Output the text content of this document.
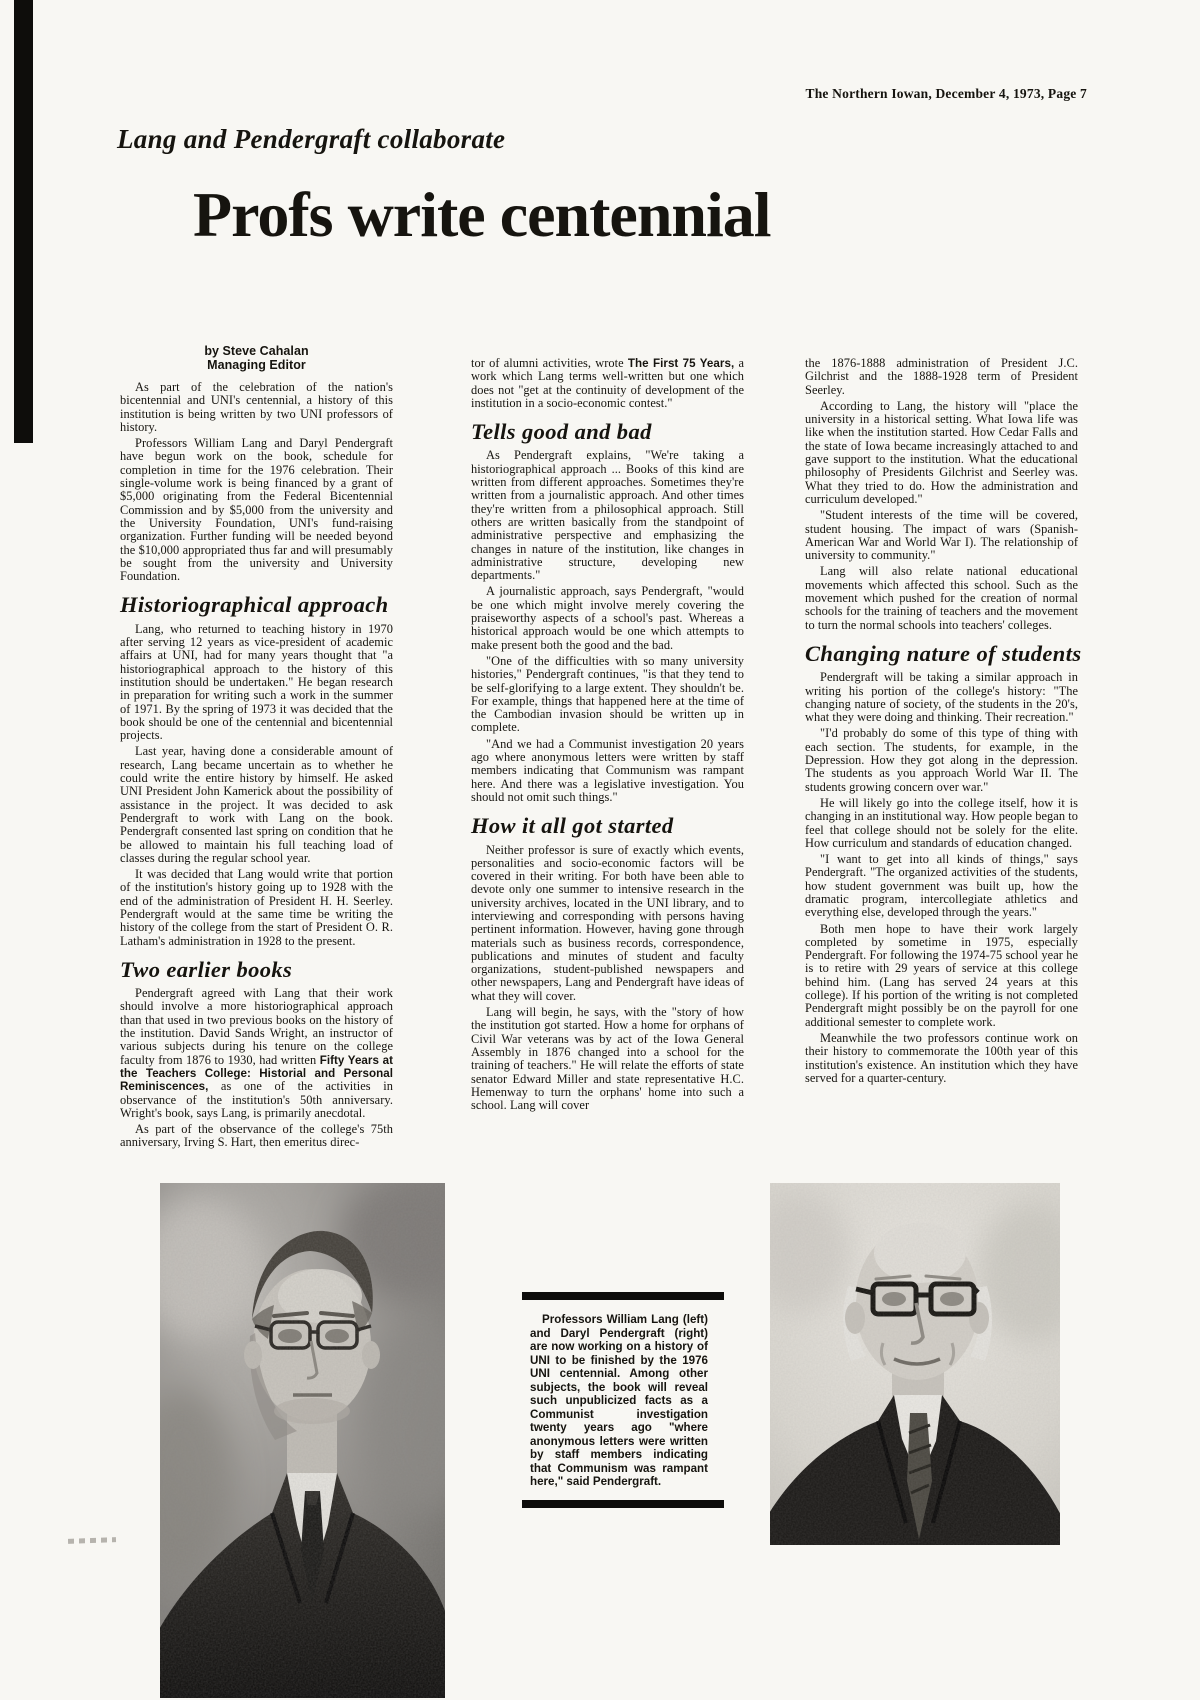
The Northern Iowan, December 4, 1973, Page 7
Lang and Pendergraft collaborate
Profs write centennial
by Steve Cahalan
Managing Editor

As part of the celebration of the nation's bicentennial and UNI's centennial, a history of this institution is being written by two UNI professors of history.

Professors William Lang and Daryl Pendergraft have begun work on the book, schedule for completion in time for the 1976 celebration. Their single-volume work is being financed by a grant of $5,000 originating from the Federal Bicentennial Commission and by $5,000 from the university and the University Foundation, UNI's fund-raising organization. Further funding will be needed beyond the $10,000 appropriated thus far and will presumably be sought from the university and University Foundation.

Historiographical approach

Lang, who returned to teaching history in 1970 after serving 12 years as vice-president of academic affairs at UNI, had for many years thought that "a historiographical approach to the history of this institution should be undertaken." He began research in preparation for writing such a work in the summer of 1971. By the spring of 1973 it was decided that the book should be one of the centennial and bicentennial projects.

Last year, having done a considerable amount of research, Lang became uncertain as to whether he could write the entire history by himself. He asked UNI President John Kamerick about the possibility of assistance in the project. It was decided to ask Pendergraft to work with Lang on the book. Pendergraft consented last spring on condition that he be allowed to maintain his full teaching load of classes during the regular school year.

It was decided that Lang would write that portion of the institution's history going up to 1928 with the end of the administration of President H. H. Seerley. Pendergraft would at the same time be writing the history of the college from the start of President O. R. Latham's administration in 1928 to the present.

Two earlier books

Pendergraft agreed with Lang that their work should involve a more historiographical approach than that used in two previous books on the history of the institution. David Sands Wright, an instructor of various subjects during his tenure on the college faculty from 1876 to 1930, had written Fifty Years at the Teachers College: Historial and Personal Reminiscences, as one of the activities in observance of the institution's 50th anniversary. Wright's book, says Lang, is primarily anecdotal.

As part of the observance of the college's 75th anniversary, Irving S. Hart, then emeritus direc-

tor of alumni activities, wrote The First 75 Years, a work which Lang terms well-written but one which does not "get at the continuity of development of the institution in a socio-economic contest."

Tells good and bad

As Pendergraft explains, "We're taking a historiographical approach ... Books of this kind are written from different approaches. Sometimes they're written from a journalistic approach. And other times they're written from a philosophical approach. Still others are written basically from the standpoint of administrative perspective and emphasizing the changes in nature of the institution, like changes in administrative structure, developing new departments."

A journalistic approach, says Pendergraft, "would be one which might involve merely covering the praiseworthy aspects of a school's past. Whereas a historical approach would be one which attempts to make present both the good and the bad.

"One of the difficulties with so many university histories," Pendergraft continues, "is that they tend to be self-glorifying to a large extent. They shouldn't be. For example, things that happened here at the time of the Cambodian invasion should be written up in complete.

"And we had a Communist investigation 20 years ago where anonymous letters were written by staff members indicating that Communism was rampant here. And there was a legislative investigation. You should not omit such things."

How it all got started

Neither professor is sure of exactly which events, personalities and socio-economic factors will be covered in their writing. For both have been able to devote only one summer to intensive research in the university archives, located in the UNI library, and to interviewing and corresponding with persons having pertinent information. However, having gone through materials such as business records, correspondence, publications and minutes of student and faculty organizations, student-published newspapers and other newspapers, Lang and Pendergraft have ideas of what they will cover.

Lang will begin, he says, with the "story of how the institution got started. How a home for orphans of Civil War veterans was by act of the Iowa General Assembly in 1876 changed into a school for the training of teachers." He will relate the efforts of state senator Edward Miller and state representative H.C. Hemenway to turn the orphans' home into such a school. Lang will cover

the 1876-1888 administration of President J.C. Gilchrist and the 1888-1928 term of President Seerley.

According to Lang, the history will "place the university in a historical setting. What Iowa life was like when the institution started. How Cedar Falls and the state of Iowa became increasingly attached to and gave support to the institution. What the educational philosophy of Presidents Gilchrist and Seerley was. What they tried to do. How the administration and curriculum developed."

"Student interests of the time will be covered, student housing. The impact of wars (Spanish-American War and World War I). The relationship of university to community."

Lang will also relate national educational movements which affected this school. Such as the movement which pushed for the creation of normal schools for the training of teachers and the movement to turn the normal schools into teachers' colleges.

Changing nature of students

Pendergraft will be taking a similar approach in writing his portion of the college's history: "The changing nature of society, of the students in the 20's, what they were doing and thinking. Their recreation."

"I'd probably do some of this type of thing with each section. The students, for example, in the Depression. How they got along in the depression. The students as you approach World War II. The students growing concern over war."

He will likely go into the college itself, how it is changing in an institutional way. How people began to feel that college should not be solely for the elite. How curriculum and standards of education changed.

"I want to get into all kinds of things," says Pendergraft. "The organized activities of the students, how student government was built up, how the dramatic program, intercollegiate athletics and everything else, developed through the years."

Both men hope to have their work largely completed by sometime in 1975, especially Pendergraft. For following the 1974-75 school year he is to retire with 29 years of service at this college behind him. (Lang has served 24 years at this college). If his portion of the writing is not completed Pendergraft might possibly be on the payroll for one additional semester to complete work.

Meanwhile the two professors continue work on their history to commemorate the 100th year of this institution's existence. An institution which they have served for a quarter-century.

Professors William Lang (left) and Daryl Pendergraft (right) are now working on a history of UNI to be finished by the 1976 UNI centennial. Among other subjects, the book will reveal such unpublicized facts as a Communist investigation twenty years ago "where anonymous letters were written by staff members indicating that Communism was rampant here," said Pendergraft.
